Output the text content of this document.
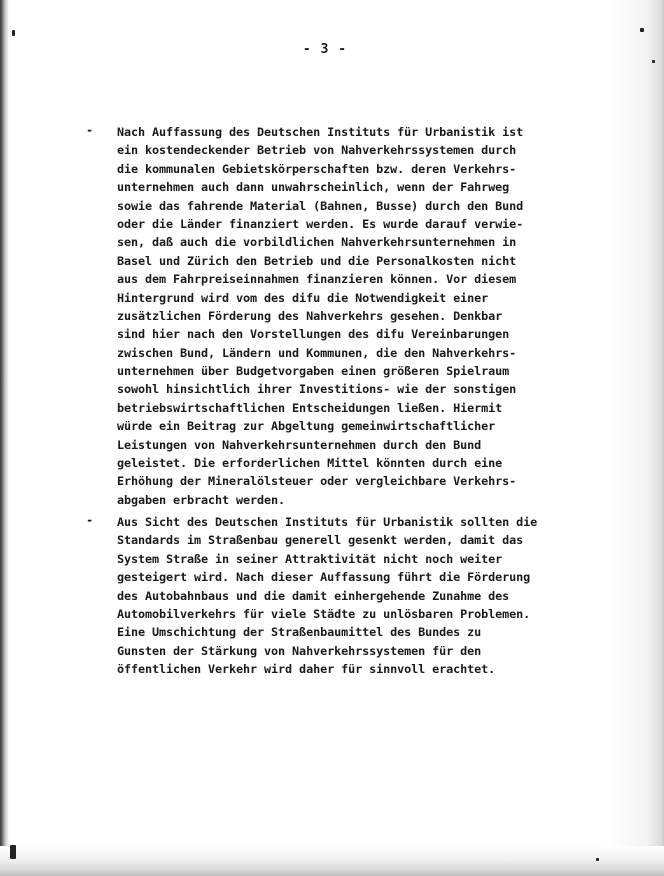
- 3 -
- Nach Auffassung des Deutschen Instituts für Urbanistik ist
ein kostendeckender Betrieb von Nahverkehrssystemen durch
die kommunalen Gebietskörperschaften bzw. deren Verkehrs-
unternehmen auch dann unwahrscheinlich, wenn der Fahrweg
sowie das fahrende Material (Bahnen, Busse) durch den Bund
oder die Länder finanziert werden. Es wurde darauf verwie-
sen, daß auch die vorbildlichen Nahverkehrsunternehmen in
Basel und Zürich den Betrieb und die Personalkosten nicht
aus dem Fahrpreiseinnahmen finanzieren können. Vor diesem
Hintergrund wird vom des difu die Notwendigkeit einer
zusätzlichen Förderung des Nahverkehrs gesehen. Denkbar
sind hier nach den Vorstellungen des difu Vereinbarungen
zwischen Bund, Ländern und Kommunen, die den Nahverkehrs-
unternehmen über Budgetvorgaben einen größeren Spielraum
sowohl hinsichtlich ihrer Investitions- wie der sonstigen
betriebswirtschaftlichen Entscheidungen ließen. Hiermit
würde ein Beitrag zur Abgeltung gemeinwirtschaftlicher
Leistungen von Nahverkehrsunternehmen durch den Bund
geleistet. Die erforderlichen Mittel könnten durch eine
Erhöhung der Mineralölsteuer oder vergleichbare Verkehrs-
abgaben erbracht werden.
- Aus Sicht des Deutschen Instituts für Urbanistik sollten die
Standards im Straßenbau generell gesenkt werden, damit das
System Straße in seiner Attraktivität nicht noch weiter
gesteigert wird. Nach dieser Auffassung führt die Förderung
des Autobahnbaus und die damit einhergehende Zunahme des
Automobilverkehrs für viele Städte zu unlösbaren Problemen.
Eine Umschichtung der Straßenbaumittel des Bundes zu
Gunsten der Stärkung von Nahverkehrssystemen für den
öffentlichen Verkehr wird daher für sinnvoll erachtet.
